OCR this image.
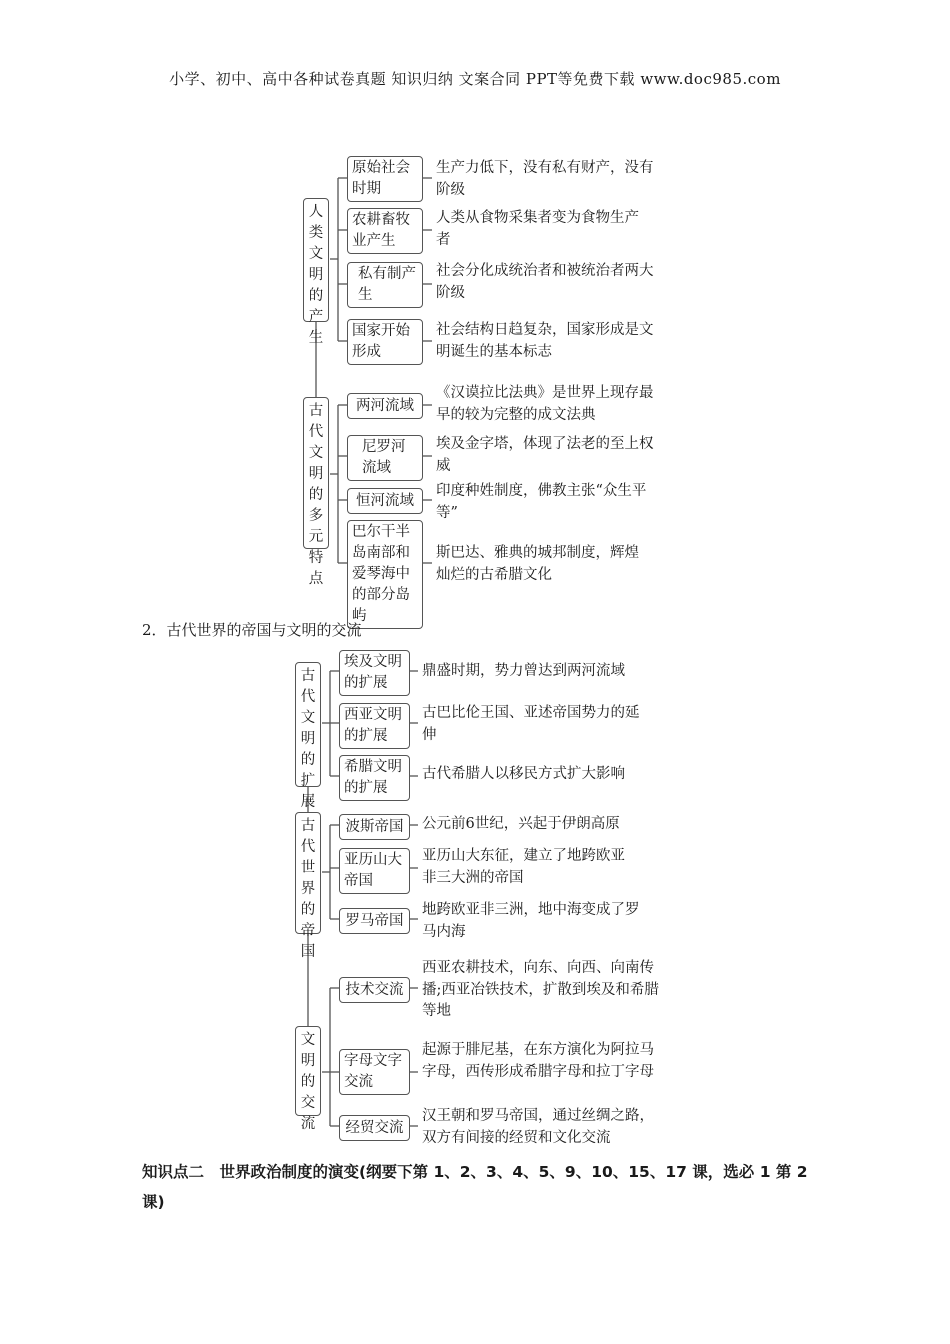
小学、初中、高中各种试卷真题 知识归纳 文案合同 PPT等免费下载 www.doc985.com
人类文明的产生
古代文明的多元特点
原始社会时期
生产力低下，没有私有财产，没有阶级
农耕畜牧业产生
人类从食物采集者变为食物生产者
私有制产生
社会分化成统治者和被统治者两大阶级
国家开始形成
社会结构日趋复杂，国家形成是文明诞生的基本标志
两河流域
《汉谟拉比法典》是世界上现存最早的较为完整的成文法典
尼罗河流域
埃及金字塔，体现了法老的至上权威
恒河流域
印度种姓制度，佛教主张“众生平等”
巴尔干半岛南部和爱琴海中的部分岛屿
斯巴达、雅典的城邦制度，辉煌灿烂的古希腊文化
2．古代世界的帝国与文明的交流
古代文明的扩展
古代世界的帝国
文明的交流
埃及文明的扩展
鼎盛时期，势力曾达到两河流域
西亚文明的扩展
古巴比伦王国、亚述帝国势力的延伸
希腊文明的扩展
古代希腊人以移民方式扩大影响
波斯帝国	公元前6世纪，兴起于伊朗高原
亚历山大帝国
亚历山大东征，建立了地跨欧亚非三大洲的帝国
罗马帝国
地跨欧亚非三洲，地中海变成了罗马内海
技术交流
西亚农耕技术，向东、向西、向南传播;西亚冶铁技术，扩散到埃及和希腊等地
字母文字交流
起源于腓尼基，在东方演化为阿拉马字母，西传形成希腊字母和拉丁字母
经贸交流
汉王朝和罗马帝国，通过丝绸之路，双方有间接的经贸和文化交流
知识点二　世界政治制度的演变(纲要下第 1、2、3、4、5、9、10、15、17 课，选必 1 第 2 课)
